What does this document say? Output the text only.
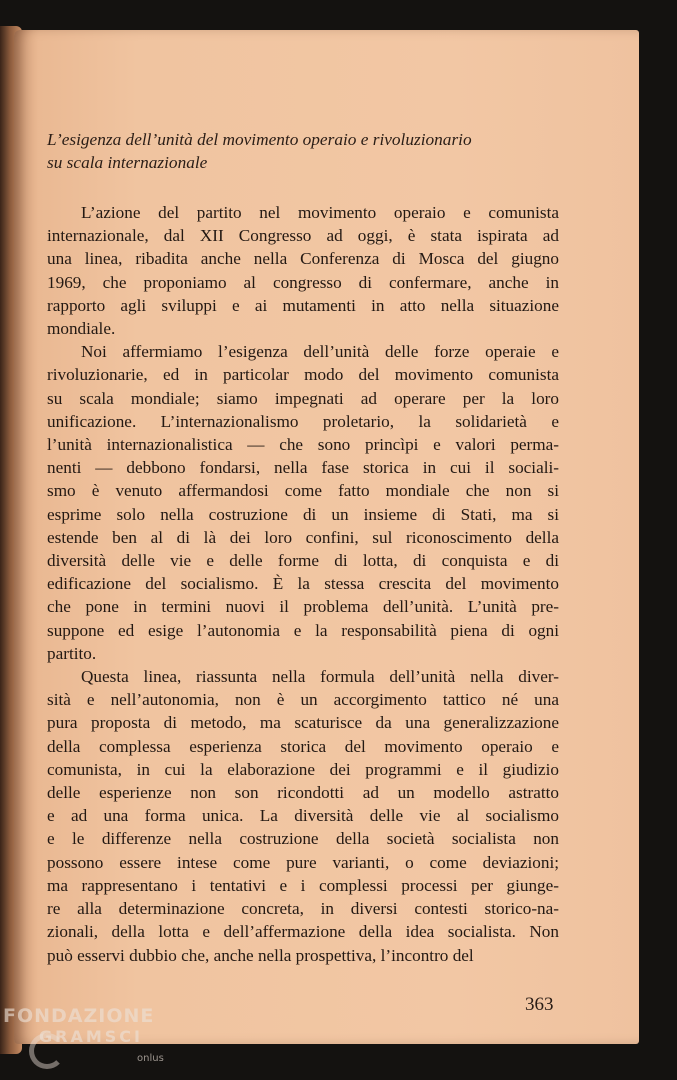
L’esigenza dell’unità del movimento operaio e rivoluzionario
su scala internazionale

L’azione del partito nel movimento operaio e comunista
internazionale, dal XII Congresso ad oggi, è stata ispirata ad
una linea, ribadita anche nella Conferenza di Mosca del giugno
1969, che proponiamo al congresso di confermare, anche in
rapporto agli sviluppi e ai mutamenti in atto nella situazione
mondiale.

Noi affermiamo l’esigenza dell’unità delle forze operaie e
rivoluzionarie, ed in particolar modo del movimento comunista
su scala mondiale; siamo impegnati ad operare per la loro
unificazione. L’internazionalismo proletario, la solidarietà e
l’unità internazionalistica — che sono princìpi e valori perma-
nenti — debbono fondarsi, nella fase storica in cui il sociali-
smo è venuto affermandosi come fatto mondiale che non si
esprime solo nella costruzione di un insieme di Stati, ma si
estende ben al di là dei loro confini, sul riconoscimento della
diversità delle vie e delle forme di lotta, di conquista e di
edificazione del socialismo. È la stessa crescita del movimento
che pone in termini nuovi il problema dell’unità. L’unità pre-
suppone ed esige l’autonomia e la responsabilità piena di ogni
partito.

Questa linea, riassunta nella formula dell’unità nella diver-
sità e nell’autonomia, non è un accorgimento tattico né una
pura proposta di metodo, ma scaturisce da una generalizzazione
della complessa esperienza storica del movimento operaio e
comunista, in cui la elaborazione dei programmi e il giudizio
delle esperienze non son ricondotti ad un modello astratto
e ad una forma unica. La diversità delle vie al socialismo
e le differenze nella costruzione della società socialista non
possono essere intese come pure varianti, o come deviazioni;
ma rappresentano i tentativi e i complessi processi per giunge-
re alla determinazione concreta, in diversi contesti storico-na-
zionali, della lotta e dell’affermazione della idea socialista. Non
può esservi dubbio che, anche nella prospettiva, l’incontro del

363
FONDAZIONE
GRAMSCI
onlus
